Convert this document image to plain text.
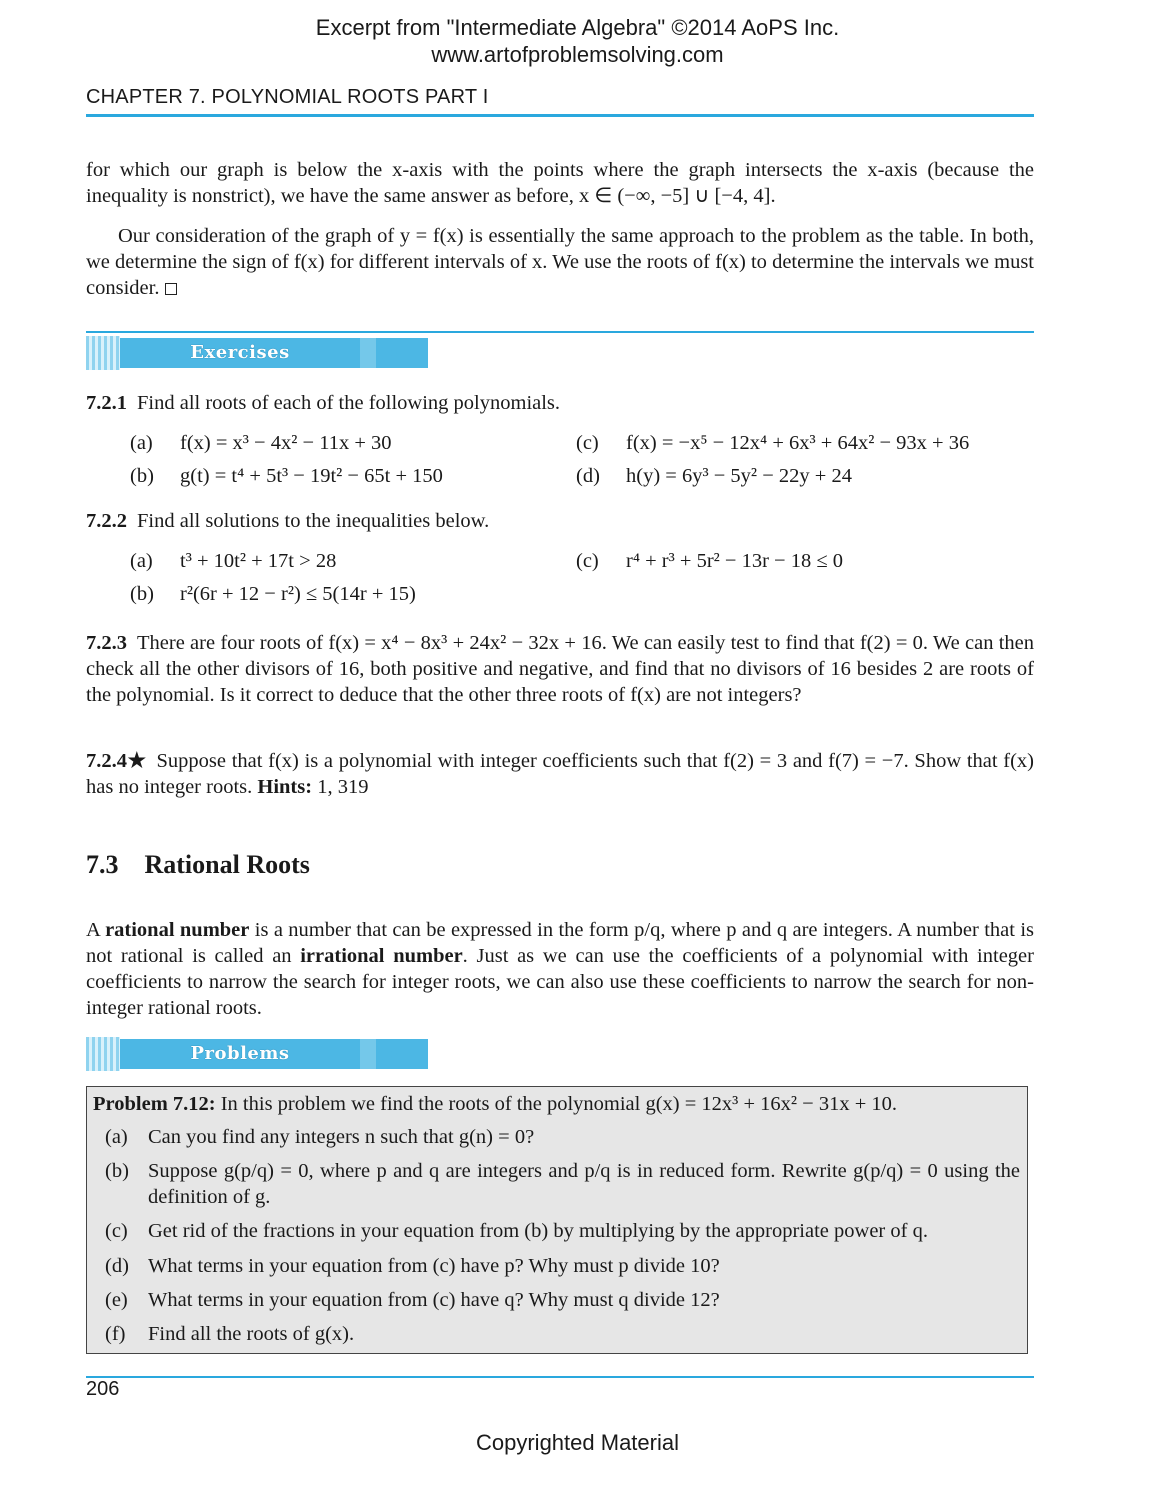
Excerpt from "Intermediate Algebra" ©2014 AoPS Inc.
www.artofproblemsolving.com
CHAPTER 7. POLYNOMIAL ROOTS PART I

for which our graph is below the x-axis with the points where the graph intersects the x-axis (because the inequality is nonstrict), we have the same answer as before, x ∈ (−∞, −5] ∪ [−4, 4].

Our consideration of the graph of y = f(x) is essentially the same approach to the problem as the table. In both, we determine the sign of f(x) for different intervals of x. We use the roots of f(x) to determine the intervals we must consider.

Exercises
7.2.1 Find all roots of each of the following polynomials.
(a) f(x) = x³ − 4x² − 11x + 30
(b) g(t) = t⁴ + 5t³ − 19t² − 65t + 150
(c) f(x) = −x⁵ − 12x⁴ + 6x³ + 64x² − 93x + 36
(d) h(y) = 6y³ − 5y² − 22y + 24
7.2.2 Find all solutions to the inequalities below.
(a) t³ + 10t² + 17t > 28
(b) r²(6r + 12 − r²) ≤ 5(14r + 15)
(c) r⁴ + r³ + 5r² − 13r − 18 ≤ 0

7.2.3 There are four roots of f(x) = x⁴ − 8x³ + 24x² − 32x + 16. We can easily test to find that f(2) = 0. We can then check all the other divisors of 16, both positive and negative, and find that no divisors of 16 besides 2 are roots of the polynomial. Is it correct to deduce that the other three roots of f(x) are not integers?

7.2.4★ Suppose that f(x) is a polynomial with integer coefficients such that f(2) = 3 and f(7) = −7. Show that f(x) has no integer roots. Hints: 1, 319

7.3 Rational Roots

A rational number is a number that can be expressed in the form p/q, where p and q are integers. A number that is not rational is called an irrational number. Just as we can use the coefficients of a polynomial with integer coefficients to narrow the search for integer roots, we can also use these coefficients to narrow the search for non-integer rational roots.

Problems
Problem 7.12: In this problem we find the roots of the polynomial g(x) = 12x³ + 16x² − 31x + 10.
(a) Can you find any integers n such that g(n) = 0?
(b) Suppose g(p/q) = 0, where p and q are integers and p/q is in reduced form. Rewrite g(p/q) = 0 using the definition of g.
(c) Get rid of the fractions in your equation from (b) by multiplying by the appropriate power of q.
(d) What terms in your equation from (c) have p? Why must p divide 10?
(e) What terms in your equation from (c) have q? Why must q divide 12?
(f) Find all the roots of g(x).
206
Copyrighted Material
